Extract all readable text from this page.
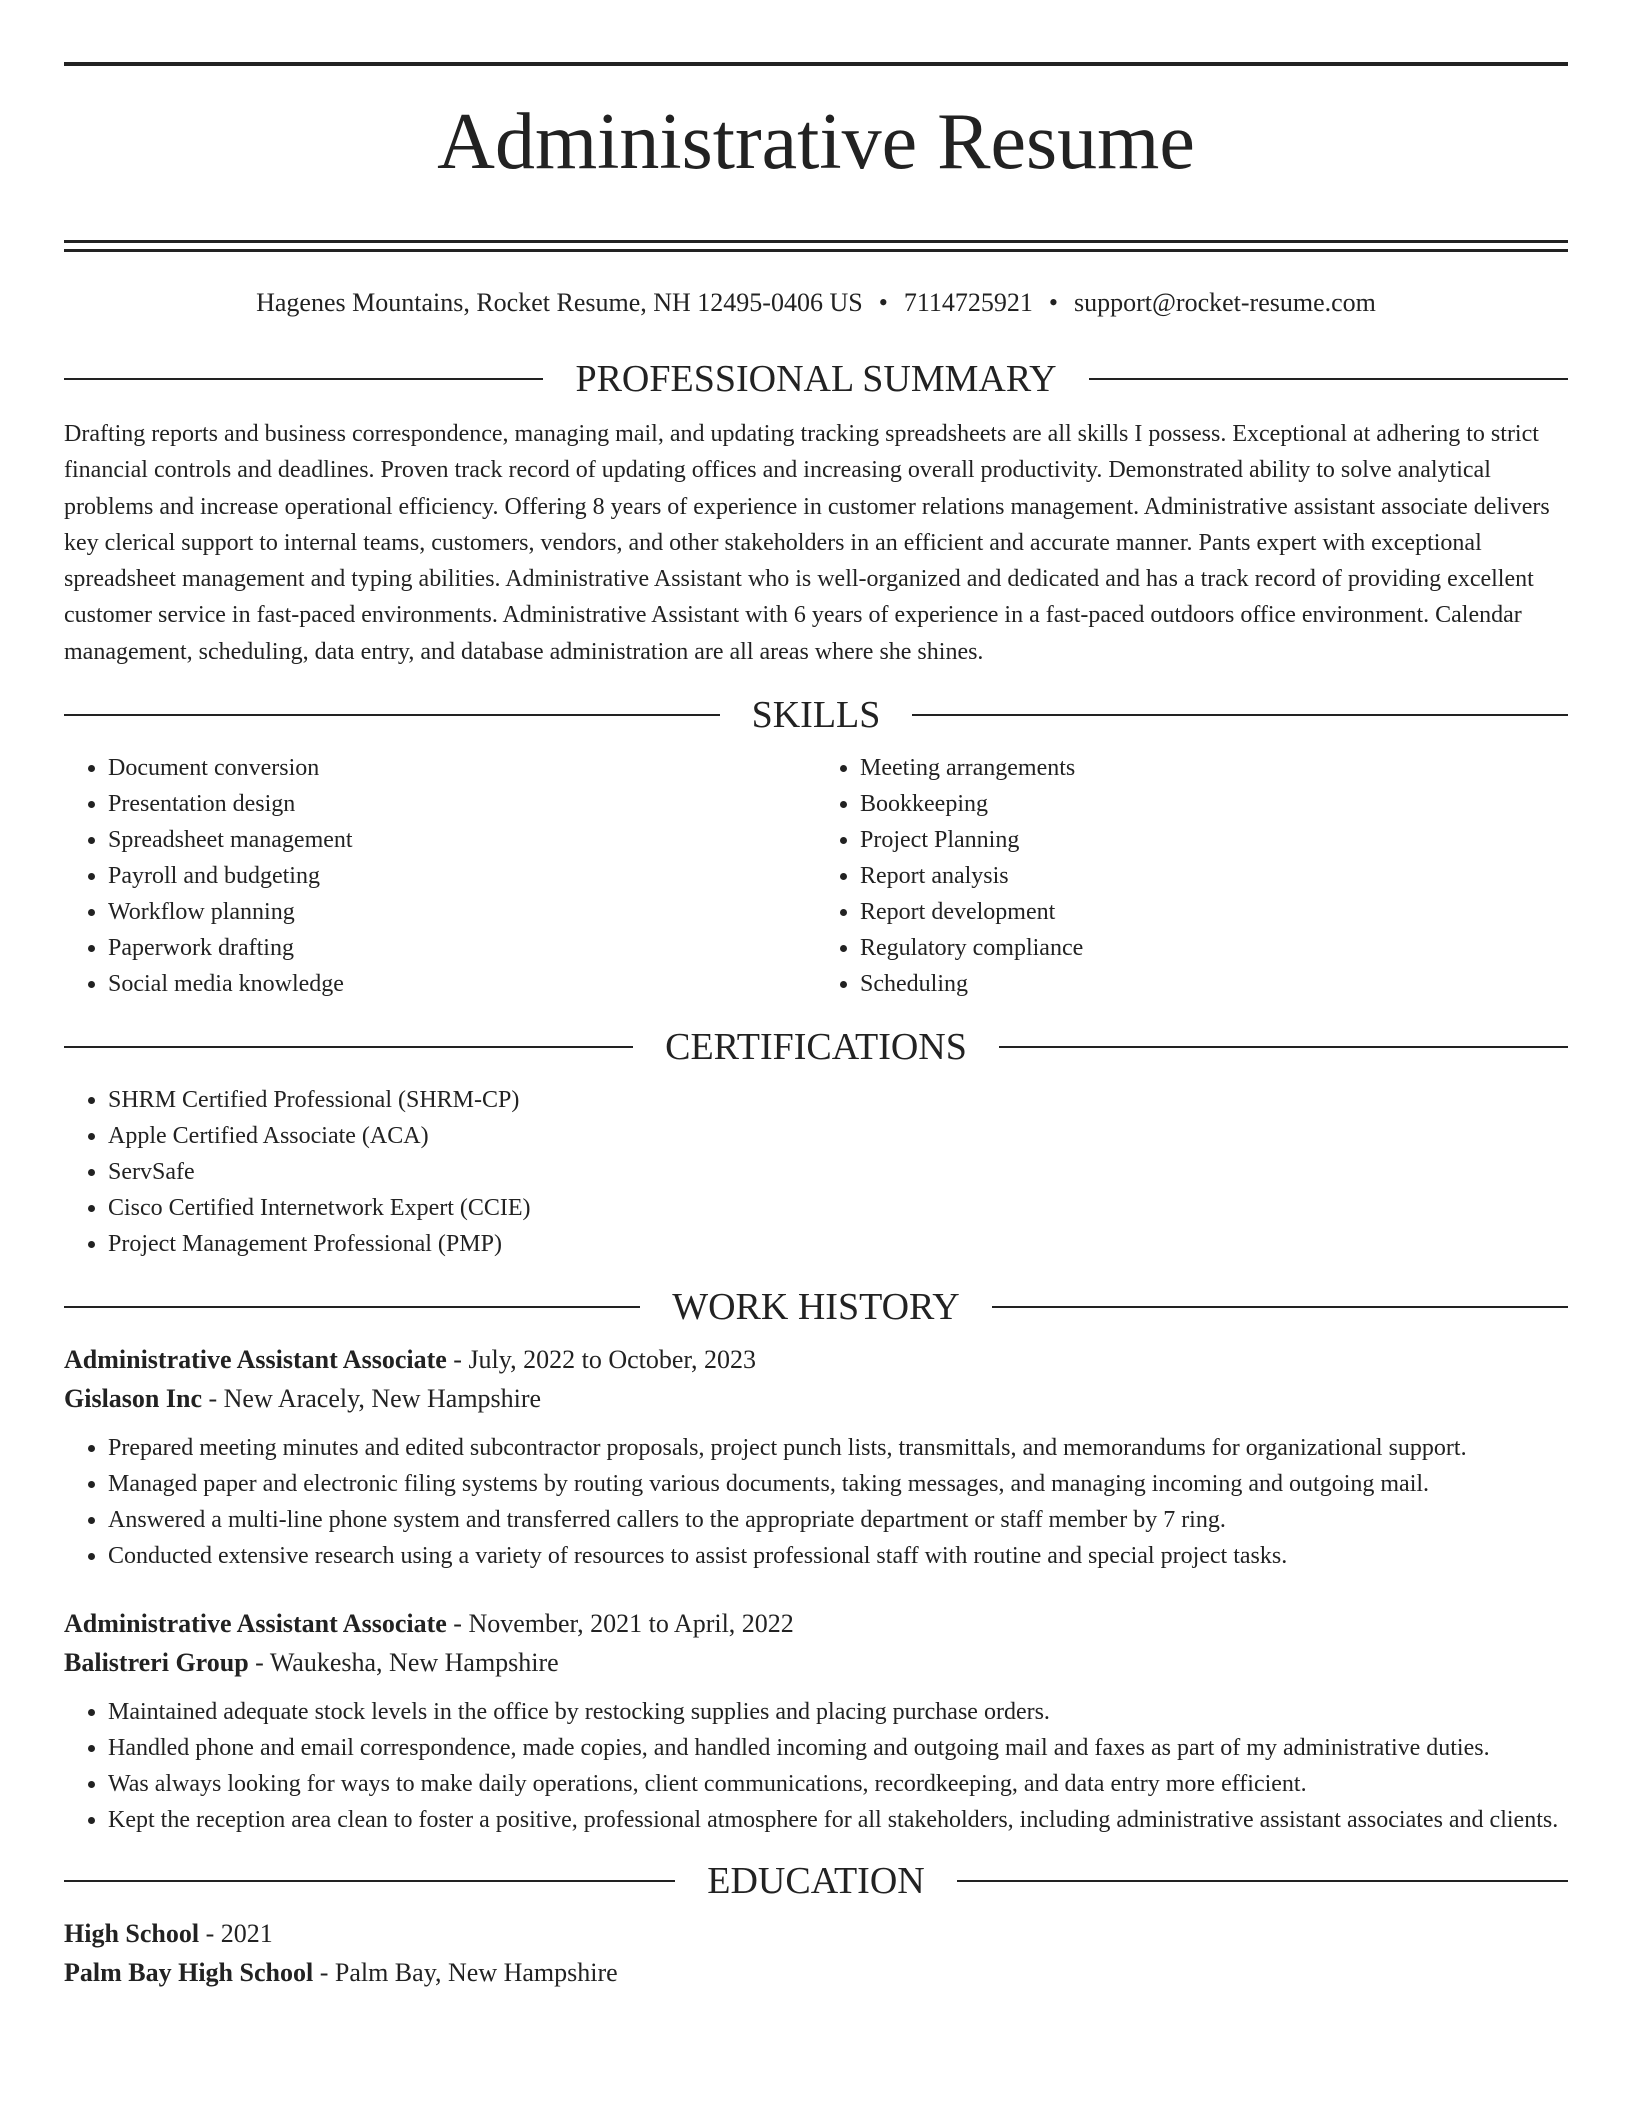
Administrative Resume
Hagenes Mountains, Rocket Resume, NH 12495-0406 US • 7114725921 • support@rocket-resume.com
PROFESSIONAL SUMMARY

Drafting reports and business correspondence, managing mail, and updating tracking spreadsheets are all skills I possess. Exceptional at adhering to strict financial controls and deadlines. Proven track record of updating offices and increasing overall productivity. Demonstrated ability to solve analytical problems and increase operational efficiency. Offering 8 years of experience in customer relations management. Administrative assistant associate delivers key clerical support to internal teams, customers, vendors, and other stakeholders in an efficient and accurate manner. Pants expert with exceptional spreadsheet management and typing abilities. Administrative Assistant who is well-organized and dedicated and has a track record of providing excellent customer service in fast-paced environments. Administrative Assistant with 6 years of experience in a fast-paced outdoors office environment. Calendar management, scheduling, data entry, and database administration are all areas where she shines.

SKILLS
• Document conversion
• Presentation design
• Spreadsheet management
• Payroll and budgeting
• Workflow planning
• Paperwork drafting
• Social media knowledge
• Meeting arrangements
• Bookkeeping
• Project Planning
• Report analysis
• Report development
• Regulatory compliance
• Scheduling
CERTIFICATIONS
• SHRM Certified Professional (SHRM-CP)
• Apple Certified Associate (ACA)
• ServSafe
• Cisco Certified Internetwork Expert (CCIE)
• Project Management Professional (PMP)
WORK HISTORY
Administrative Assistant Associate - July, 2022 to October, 2023
Gislason Inc - New Aracely, New Hampshire
• Prepared meeting minutes and edited subcontractor proposals, project punch lists, transmittals, and memorandums for organizational support.
• Managed paper and electronic filing systems by routing various documents, taking messages, and managing incoming and outgoing mail.
• Answered a multi-line phone system and transferred callers to the appropriate department or staff member by 7 ring.
• Conducted extensive research using a variety of resources to assist professional staff with routine and special project tasks.
Administrative Assistant Associate - November, 2021 to April, 2022
Balistreri Group - Waukesha, New Hampshire
• Maintained adequate stock levels in the office by restocking supplies and placing purchase orders.
• Handled phone and email correspondence, made copies, and handled incoming and outgoing mail and faxes as part of my administrative duties.
• Was always looking for ways to make daily operations, client communications, recordkeeping, and data entry more efficient.
• Kept the reception area clean to foster a positive, professional atmosphere for all stakeholders, including administrative assistant associates and clients.
EDUCATION
High School - 2021
Palm Bay High School - Palm Bay, New Hampshire
